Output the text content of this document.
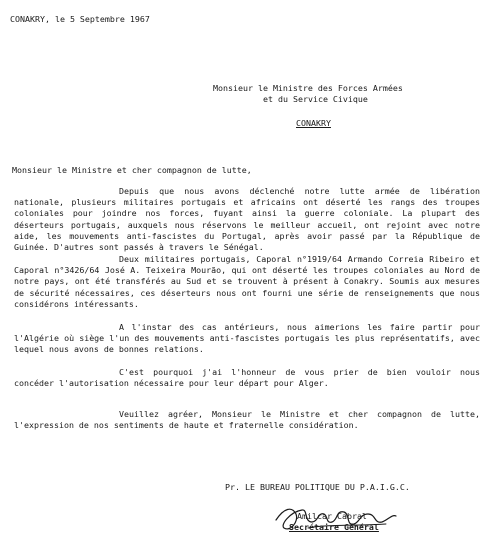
CONAKRY, le 5 Septembre 1967
Monsieur le Ministre des Forces Armées
et du Service Civique
CONAKRY
Monsieur le Ministre et cher compagnon de lutte,
Depuis que nous avons déclenché notre lutte armée de libération nationale, plusieurs militaires portugais et africains ont déserté les rangs des troupes coloniales pour joindre nos forces, fuyant ainsi la guerre coloniale. La plupart des déserteurs portugais, auxquels nous réservons le meilleur accueil, ont rejoint avec notre aide, les mouvements anti-fascistes du Portugal, après avoir passé par la République de Guinée. D'autres sont passés à travers le Sénégal.
Deux militaires portugais, Caporal n°1919/64 Armando Correia Ribeiro et Caporal n°3426/64 José A. Teixeira Mourão, qui ont déserté les troupes coloniales au Nord de notre pays, ont été transférés au Sud et se trouvent à présent à Conakry. Soumis aux mesures de sécurité nécessaires, ces déserteurs nous ont fourni une série de renseignements que nous considérons intéressants.
A l'instar des cas antérieurs, nous aimerions les faire partir pour l'Algérie où siège l'un des mouvements anti-fascistes portugais les plus représentatifs, avec lequel nous avons de bonnes relations.
C'est pourquoi j'ai l'honneur de vous prier de bien vouloir nous concéder l'autorisation nécessaire pour leur départ pour Alger.
Veuillez agréer, Monsieur le Ministre et cher compagnon de lutte, l'expression de nos sentiments de haute et fraternelle considération.
Pr. LE BUREAU POLITIQUE DU P.A.I.G.C.
Amilcar Cabral
Secrétaire Général
